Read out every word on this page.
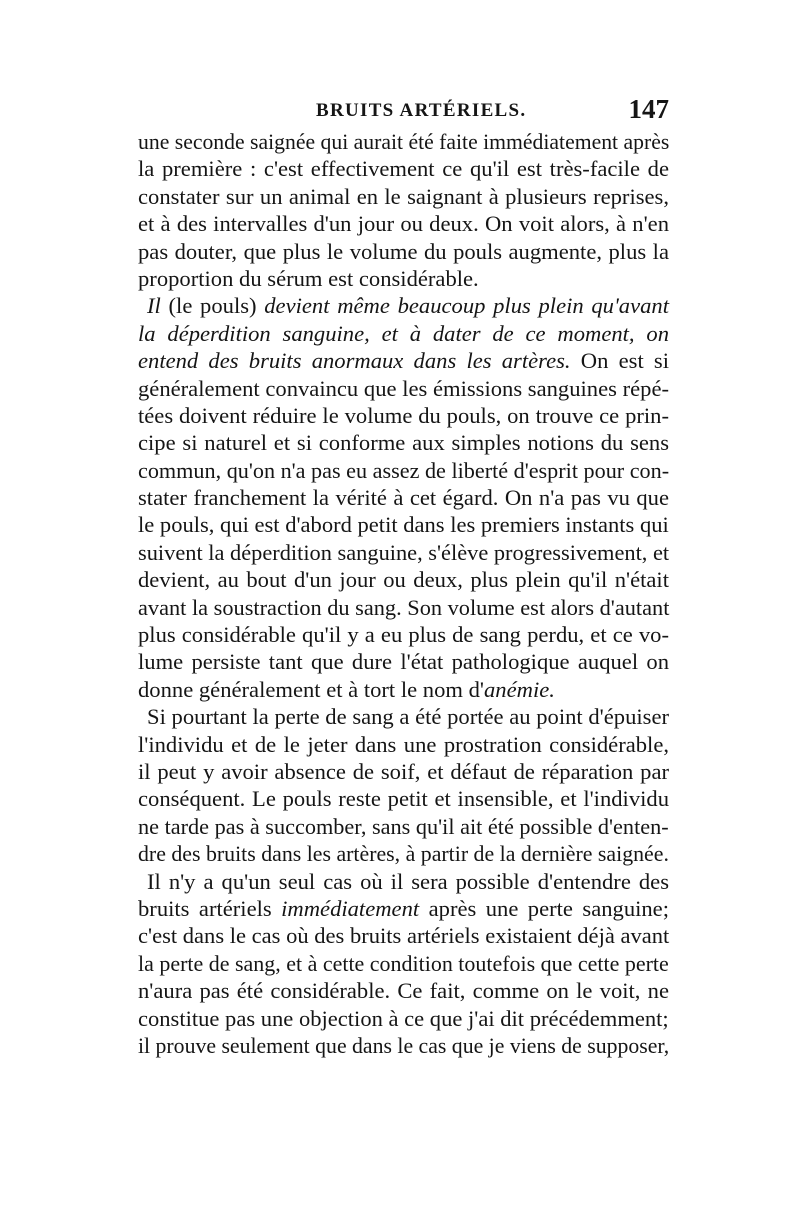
BRUITS ARTÉRIELS.	147
une seconde saignée qui aurait été faite immédiatement après
la première : c'est effectivement ce qu'il est très-facile de
constater sur un animal en le saignant à plusieurs reprises,
et à des intervalles d'un jour ou deux. On voit alors, à n'en
pas douter, que plus le volume du pouls augmente, plus la
proportion du sérum est considérable.
Il (le pouls) devient même beaucoup plus plein qu'avant
la déperdition sanguine, et à dater de ce moment, on
entend des bruits anormaux dans les artères. On est si
généralement convaincu que les émissions sanguines répé-
tées doivent réduire le volume du pouls, on trouve ce prin-
cipe si naturel et si conforme aux simples notions du sens
commun, qu'on n'a pas eu assez de liberté d'esprit pour con-
stater franchement la vérité à cet égard. On n'a pas vu que
le pouls, qui est d'abord petit dans les premiers instants qui
suivent la déperdition sanguine, s'élève progressivement, et
devient, au bout d'un jour ou deux, plus plein qu'il n'était
avant la soustraction du sang. Son volume est alors d'autant
plus considérable qu'il y a eu plus de sang perdu, et ce vo-
lume persiste tant que dure l'état pathologique auquel on
donne généralement et à tort le nom d'anémie.
Si pourtant la perte de sang a été portée au point d'épuiser
l'individu et de le jeter dans une prostration considérable,
il peut y avoir absence de soif, et défaut de réparation par
conséquent. Le pouls reste petit et insensible, et l'individu
ne tarde pas à succomber, sans qu'il ait été possible d'enten-
dre des bruits dans les artères, à partir de la dernière saignée.
Il n'y a qu'un seul cas où il sera possible d'entendre des
bruits artériels immédiatement après une perte sanguine;
c'est dans le cas où des bruits artériels existaient déjà avant
la perte de sang, et à cette condition toutefois que cette perte
n'aura pas été considérable. Ce fait, comme on le voit, ne
constitue pas une objection à ce que j'ai dit précédemment;
il prouve seulement que dans le cas que je viens de supposer,
